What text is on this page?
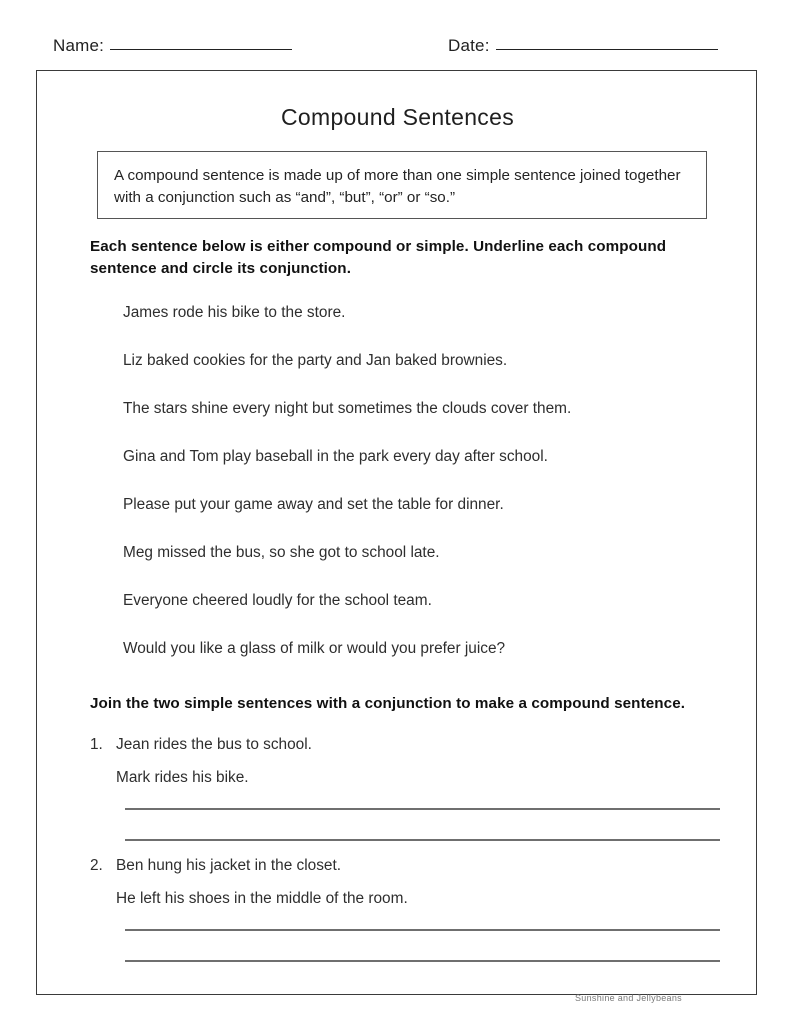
Name:	Date:
Compound Sentences
A compound sentence is made up of more than one simple sentence joined together with a conjunction such as “and”, “but”, “or” or “so.”
Each sentence below is either compound or simple. Underline each compound sentence and circle its conjunction.
James rode his bike to the store.
Liz baked cookies for the party and Jan baked brownies.
The stars shine every night but sometimes the clouds cover them.
Gina and Tom play baseball in the park every day after school.
Please put your game away and set the table for dinner.
Meg missed the bus, so she got to school late.
Everyone cheered loudly for the school team.
Would you like a glass of milk or would you prefer juice?
Join the two simple sentences with a conjunction to make a compound sentence.
1. Jean rides the bus to school.
Mark rides his bike.
2. Ben hung his jacket in the closet.
He left his shoes in the middle of the room.
Sunshine and Jellybeans
